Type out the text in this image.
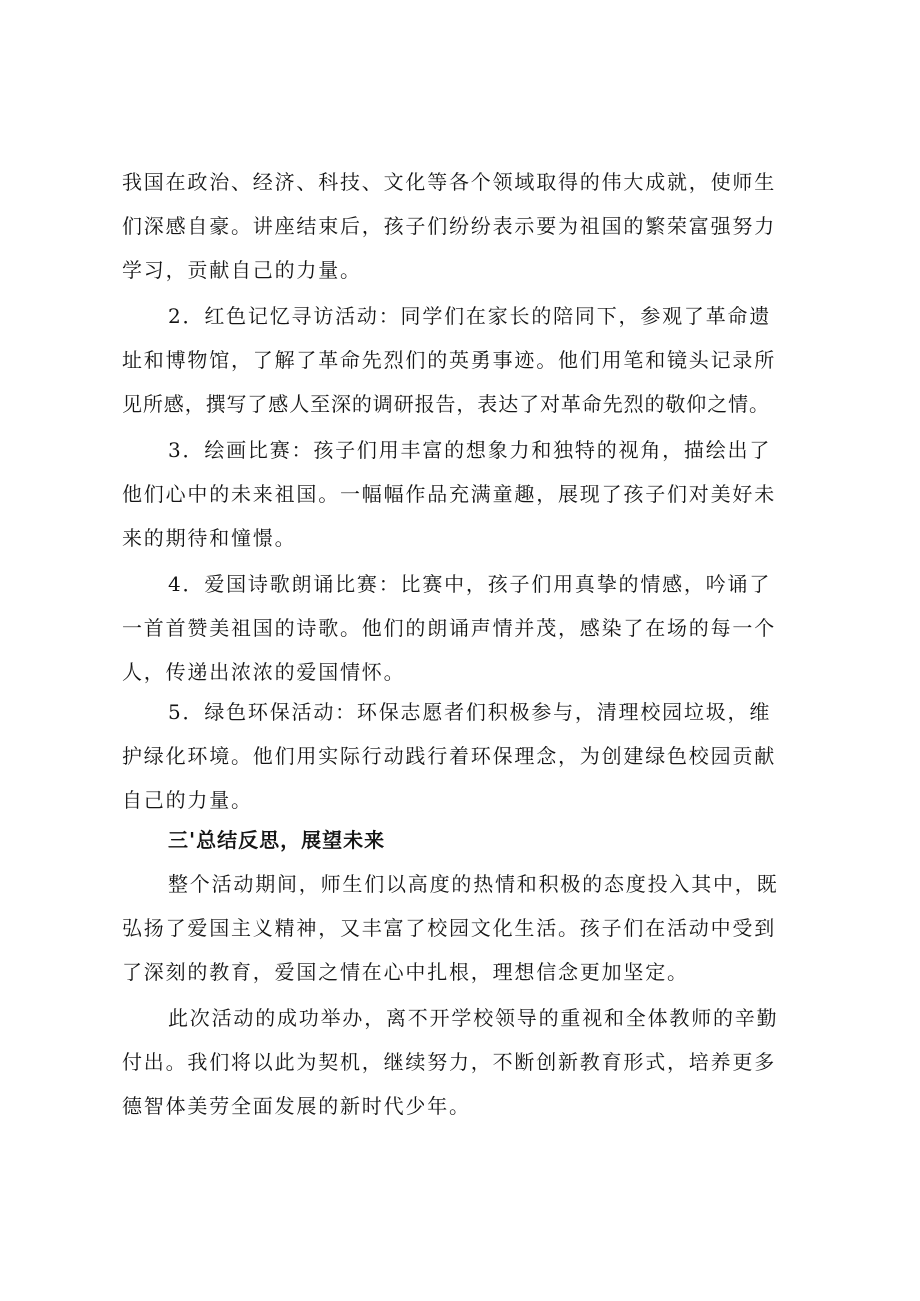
我国在政治、经济、科技、文化等各个领域取得的伟大成就，使师生
们深感自豪。讲座结束后，孩子们纷纷表示要为祖国的繁荣富强努力
学习，贡献自己的力量。
2．红色记忆寻访活动：同学们在家长的陪同下，参观了革命遗
址和博物馆，了解了革命先烈们的英勇事迹。他们用笔和镜头记录所
见所感，撰写了感人至深的调研报告，表达了对革命先烈的敬仰之情。
3．绘画比赛：孩子们用丰富的想象力和独特的视角，描绘出了
他们心中的未来祖国。一幅幅作品充满童趣，展现了孩子们对美好未
来的期待和憧憬。
4．爱国诗歌朗诵比赛：比赛中，孩子们用真挚的情感，吟诵了
一首首赞美祖国的诗歌。他们的朗诵声情并茂，感染了在场的每一个
人，传递出浓浓的爱国情怀。
5．绿色环保活动：环保志愿者们积极参与，清理校园垃圾，维
护绿化环境。他们用实际行动践行着环保理念，为创建绿色校园贡献
自己的力量。
三'总结反思，展望未来
整个活动期间，师生们以高度的热情和积极的态度投入其中，既
弘扬了爱国主义精神，又丰富了校园文化生活。孩子们在活动中受到
了深刻的教育，爱国之情在心中扎根，理想信念更加坚定。
此次活动的成功举办，离不开学校领导的重视和全体教师的辛勤
付出。我们将以此为契机，继续努力，不断创新教育形式，培养更多
德智体美劳全面发展的新时代少年。
